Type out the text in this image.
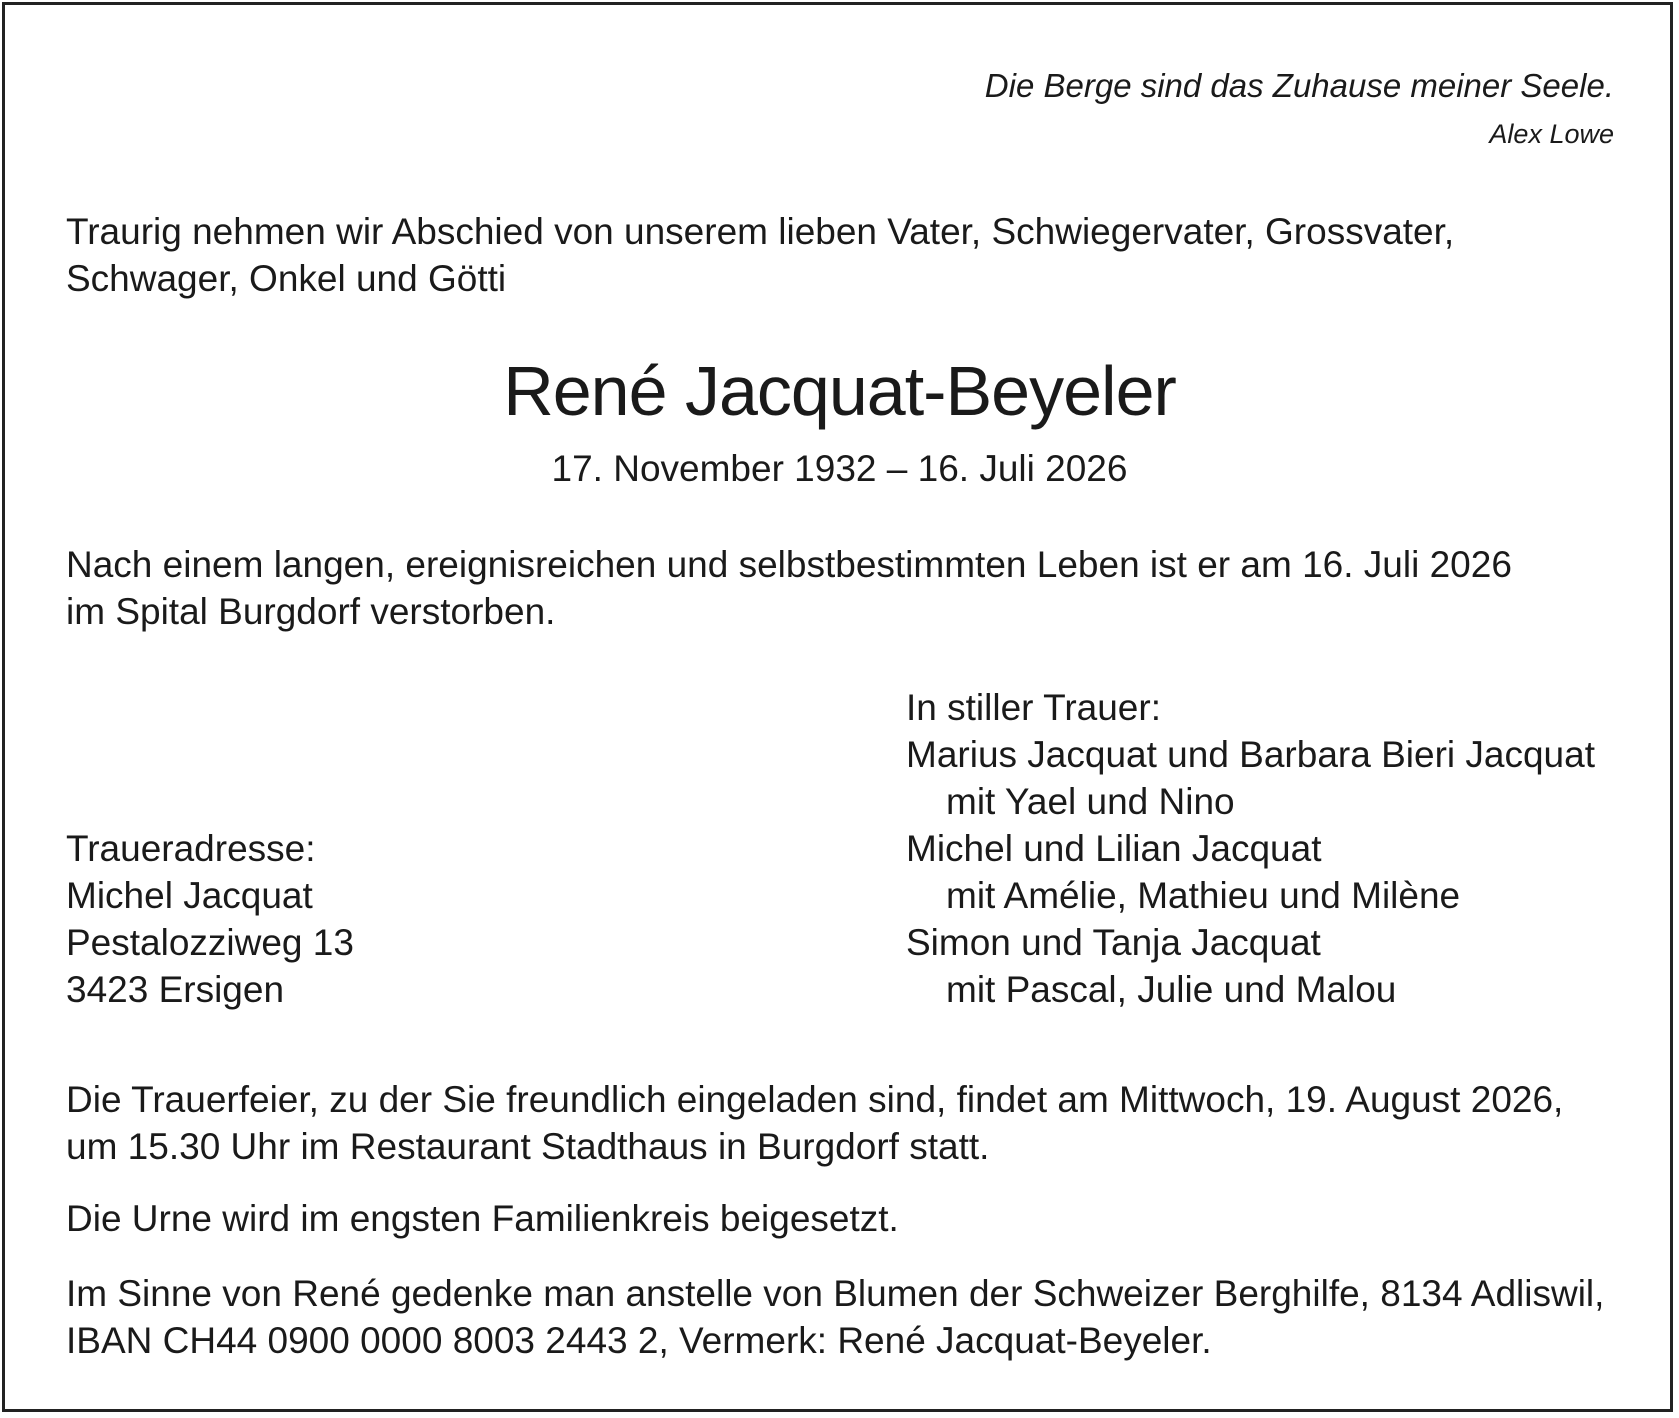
Die Berge sind das Zuhause meiner Seele.
Alex Lowe
Traurig nehmen wir Abschied von unserem lieben Vater, Schwiegervater, Grossvater,
Schwager, Onkel und Götti
René Jacquat-Beyeler
17. November 1932 – 16. Juli 2026
Nach einem langen, ereignisreichen und selbstbestimmten Leben ist er am 16. Juli 2026
im Spital Burgdorf verstorben.
In stiller Trauer:
Marius Jacquat und Barbara Bieri Jacquat
mit Yael und Nino
Michel und Lilian Jacquat
mit Amélie, Mathieu und Milène
Simon und Tanja Jacquat
mit Pascal, Julie und Malou
Traueradresse:
Michel Jacquat
Pestalozziweg 13
3423 Ersigen
Die Trauerfeier, zu der Sie freundlich eingeladen sind, findet am Mittwoch, 19. August 2026,
um 15.30 Uhr im Restaurant Stadthaus in Burgdorf statt.
Die Urne wird im engsten Familienkreis beigesetzt.
Im Sinne von René gedenke man anstelle von Blumen der Schweizer Berghilfe, 8134 Adliswil,
IBAN CH44 0900 0000 8003 2443 2, Vermerk: René Jacquat-Beyeler.
